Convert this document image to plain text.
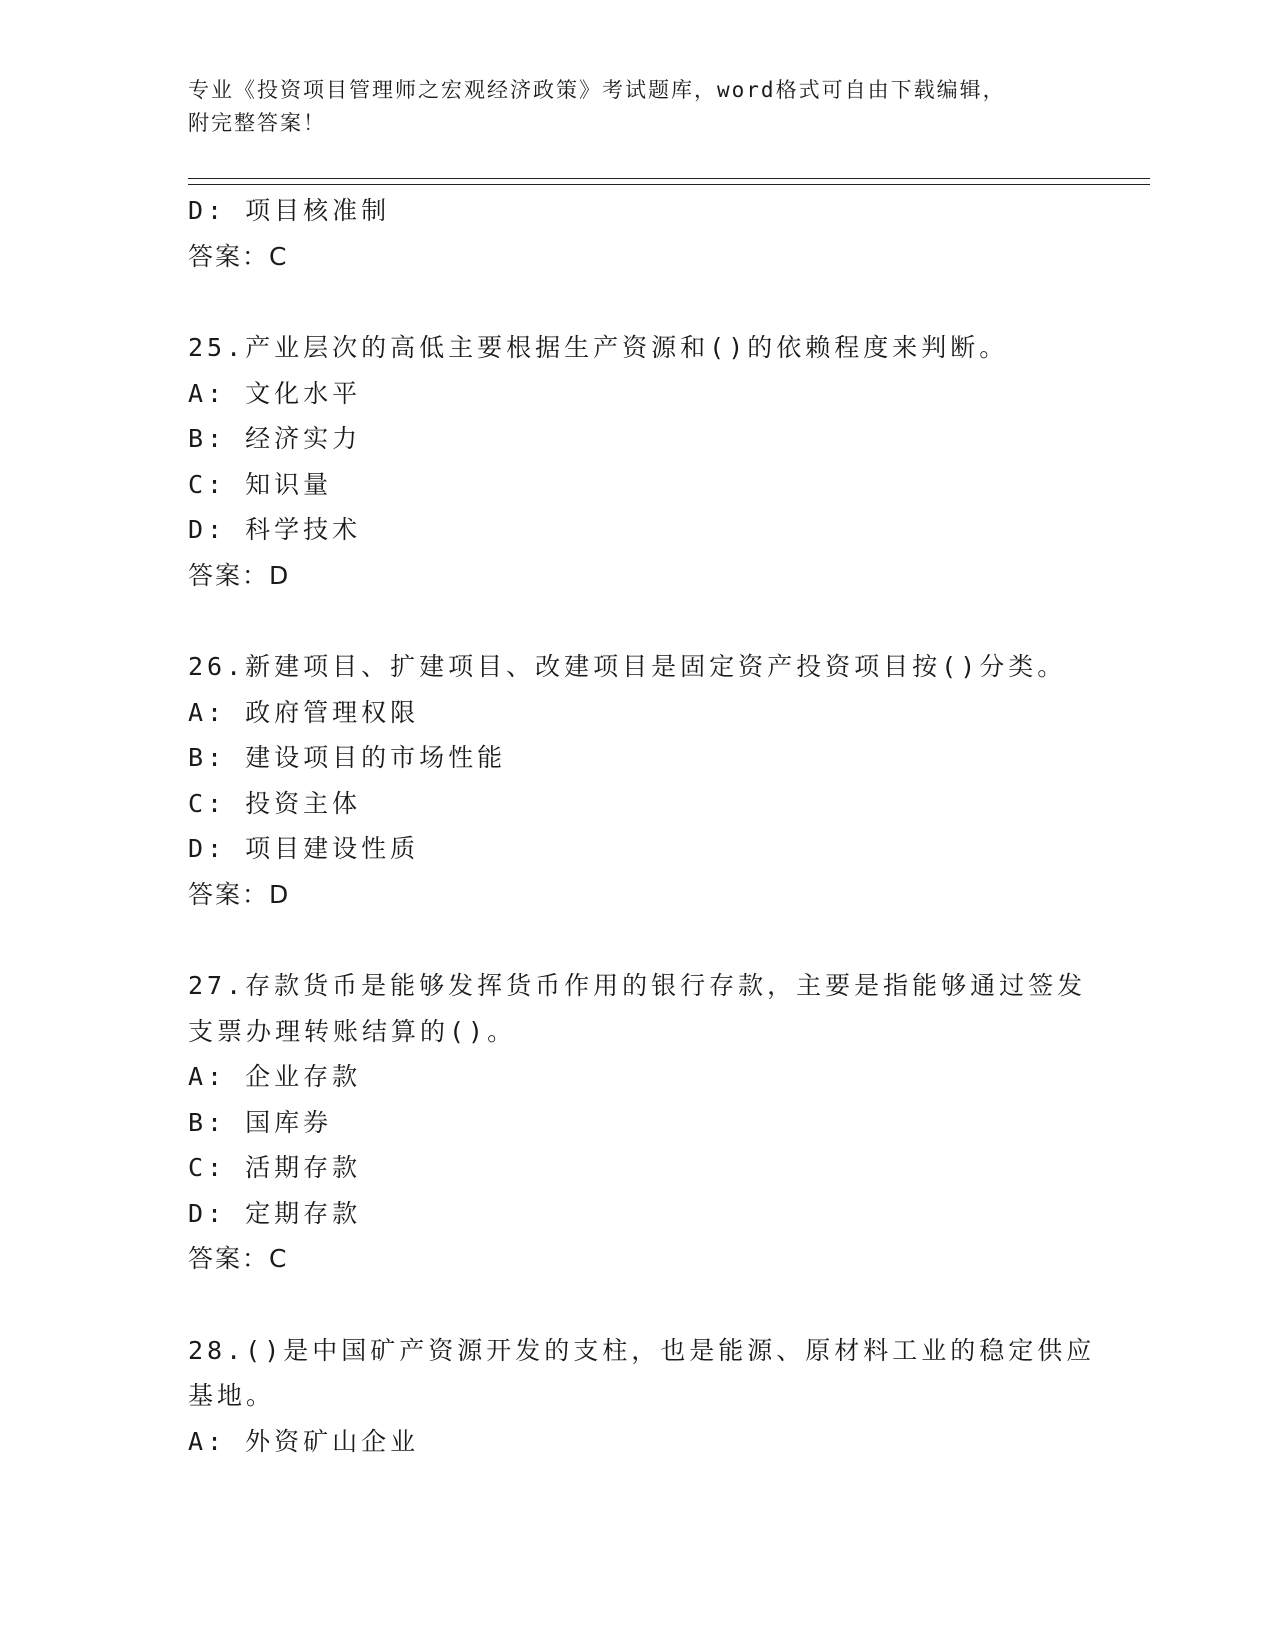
专业《投资项目管理师之宏观经济政策》考试题库，word格式可自由下载编辑，
附完整答案！
D: 项目核准制
答案：C
25.产业层次的高低主要根据生产资源和()的依赖程度来判断。
A: 文化水平
B: 经济实力
C: 知识量
D: 科学技术
答案：D
26.新建项目、扩建项目、改建项目是固定资产投资项目按()分类。
A: 政府管理权限
B: 建设项目的市场性能
C: 投资主体
D: 项目建设性质
答案：D
27.存款货币是能够发挥货币作用的银行存款，主要是指能够通过签发
支票办理转账结算的()。
A: 企业存款
B: 国库券
C: 活期存款
D: 定期存款
答案：C
28.()是中国矿产资源开发的支柱，也是能源、原材料工业的稳定供应
基地。
A: 外资矿山企业
